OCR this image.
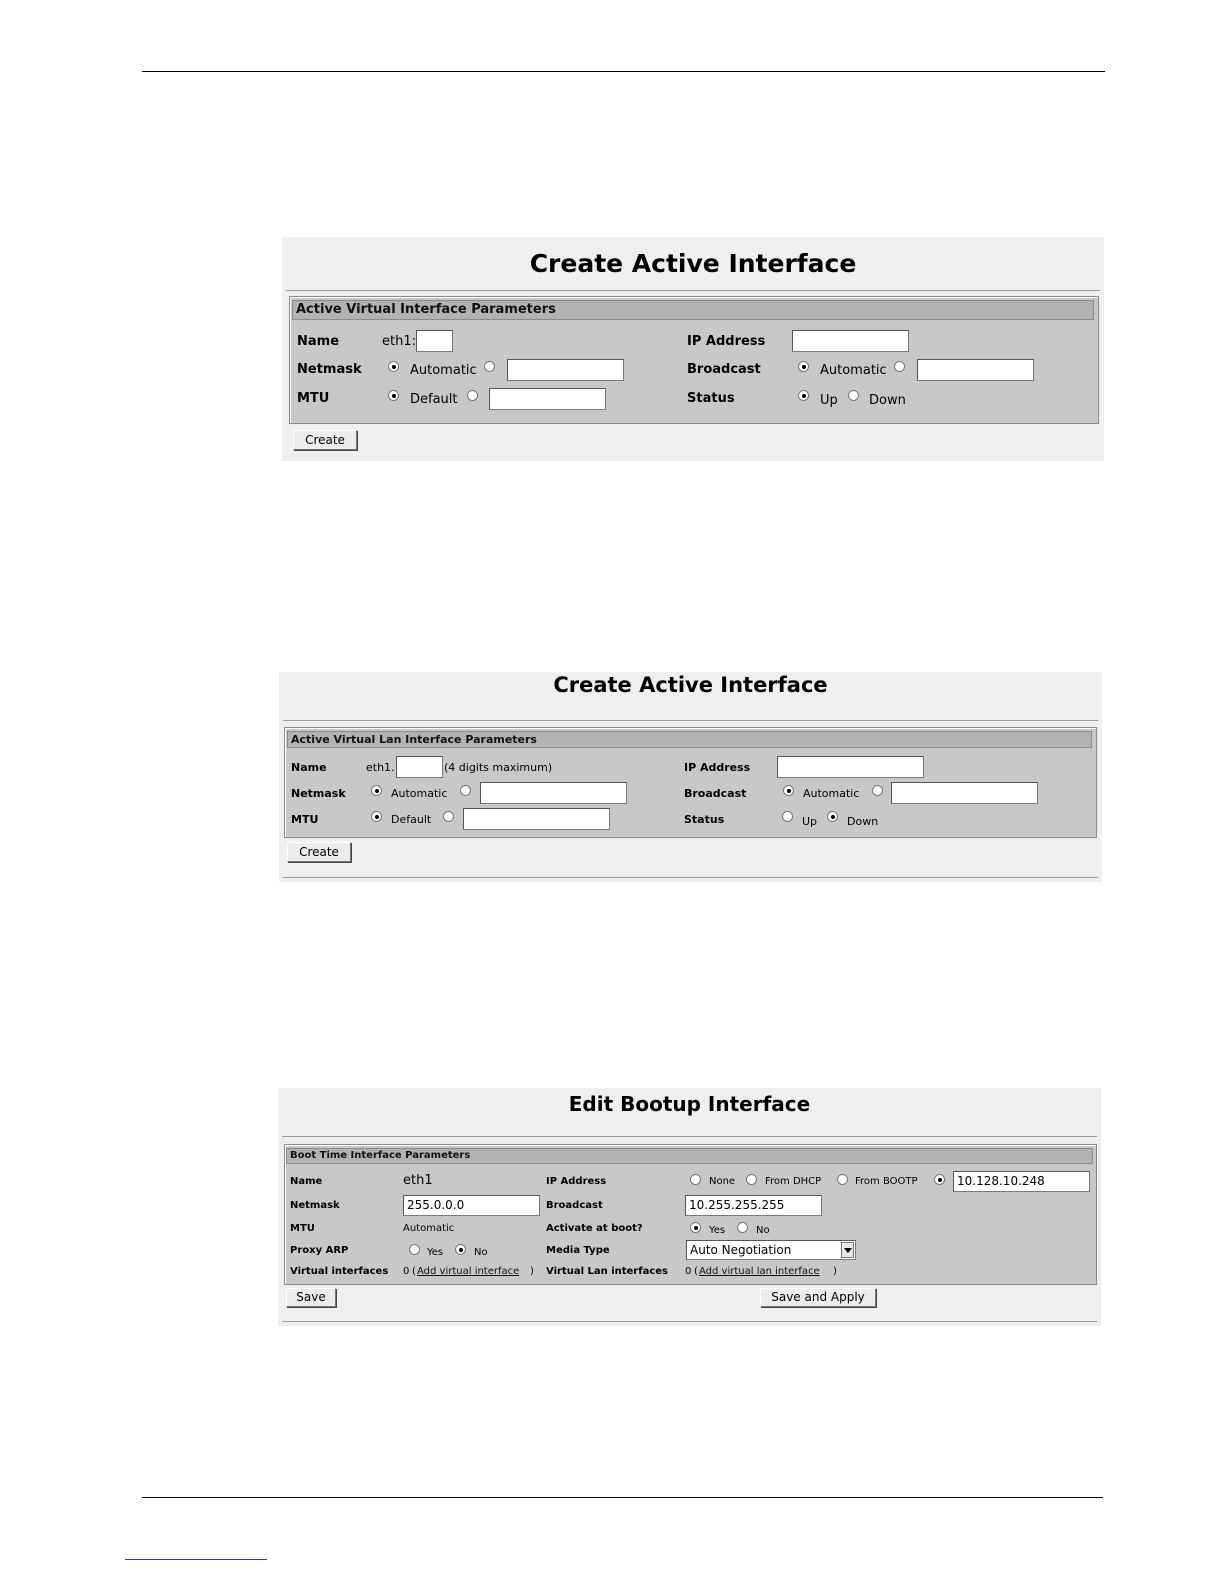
Create Active Interface
Active Virtual Interface Parameters
Name	eth1:	IP Address
Netmask	Automatic	Broadcast	Automatic
MTU	Default	Status	Up Down
Create
Create Active Interface
Active Virtual Lan Interface Parameters
Name	eth1.	(4 digits maximum)	IP Address
Netmask	Automatic	Broadcast	Automatic
MTU	Default	Status	Up	Down
Create
Edit Bootup Interface
Boot Time Interface Parameters
Name	eth1	IP Address	None	From DHCP	From BOOTP	10.128.10.248
Netmask	255.0.0.0	Broadcast	10.255.255.255
MTU	Automatic	Activate at boot?	Yes	No
Proxy ARP	Yes	No	Media Type	Auto Negotiation
Virtual interfaces 0 ( Add virtual interface ) Virtual Lan interfaces 0 ( Add virtual lan interface )
Save	Save and Apply
